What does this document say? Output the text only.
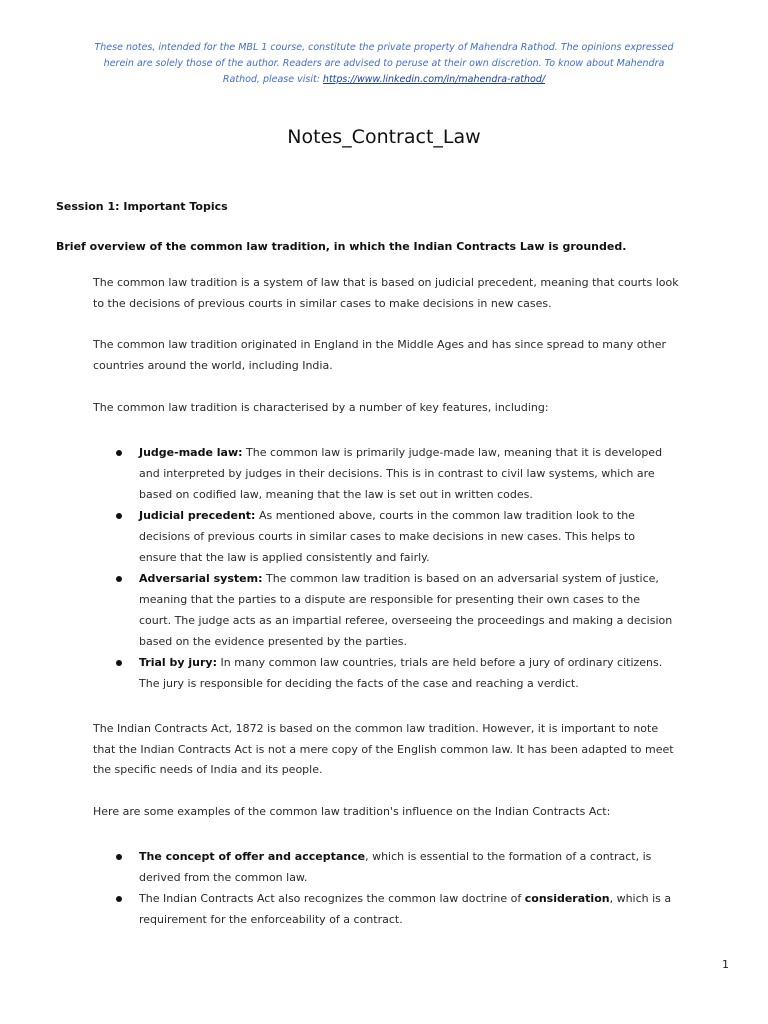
These notes, intended for the MBL 1 course, constitute the private property of Mahendra Rathod. The opinions expressed herein are solely those of the author. Readers are advised to peruse at their own discretion. To know about Mahendra Rathod, please visit: https://www.linkedin.com/in/mahendra-rathod/
Notes_Contract_Law
Session 1: Important Topics
Brief overview of the common law tradition, in which the Indian Contracts Law is grounded.
The common law tradition is a system of law that is based on judicial precedent, meaning that courts look to the decisions of previous courts in similar cases to make decisions in new cases.
The common law tradition originated in England in the Middle Ages and has since spread to many other countries around the world, including India.
The common law tradition is characterised by a number of key features, including:
Judge-made law: The common law is primarily judge-made law, meaning that it is developed and interpreted by judges in their decisions. This is in contrast to civil law systems, which are based on codified law, meaning that the law is set out in written codes.
Judicial precedent: As mentioned above, courts in the common law tradition look to the decisions of previous courts in similar cases to make decisions in new cases. This helps to ensure that the law is applied consistently and fairly.
Adversarial system: The common law tradition is based on an adversarial system of justice, meaning that the parties to a dispute are responsible for presenting their own cases to the court. The judge acts as an impartial referee, overseeing the proceedings and making a decision based on the evidence presented by the parties.
Trial by jury: In many common law countries, trials are held before a jury of ordinary citizens. The jury is responsible for deciding the facts of the case and reaching a verdict.
The Indian Contracts Act, 1872 is based on the common law tradition. However, it is important to note that the Indian Contracts Act is not a mere copy of the English common law. It has been adapted to meet the specific needs of India and its people.
Here are some examples of the common law tradition's influence on the Indian Contracts Act:
The concept of offer and acceptance, which is essential to the formation of a contract, is derived from the common law.
The Indian Contracts Act also recognizes the common law doctrine of consideration, which is a requirement for the enforceability of a contract.
1
